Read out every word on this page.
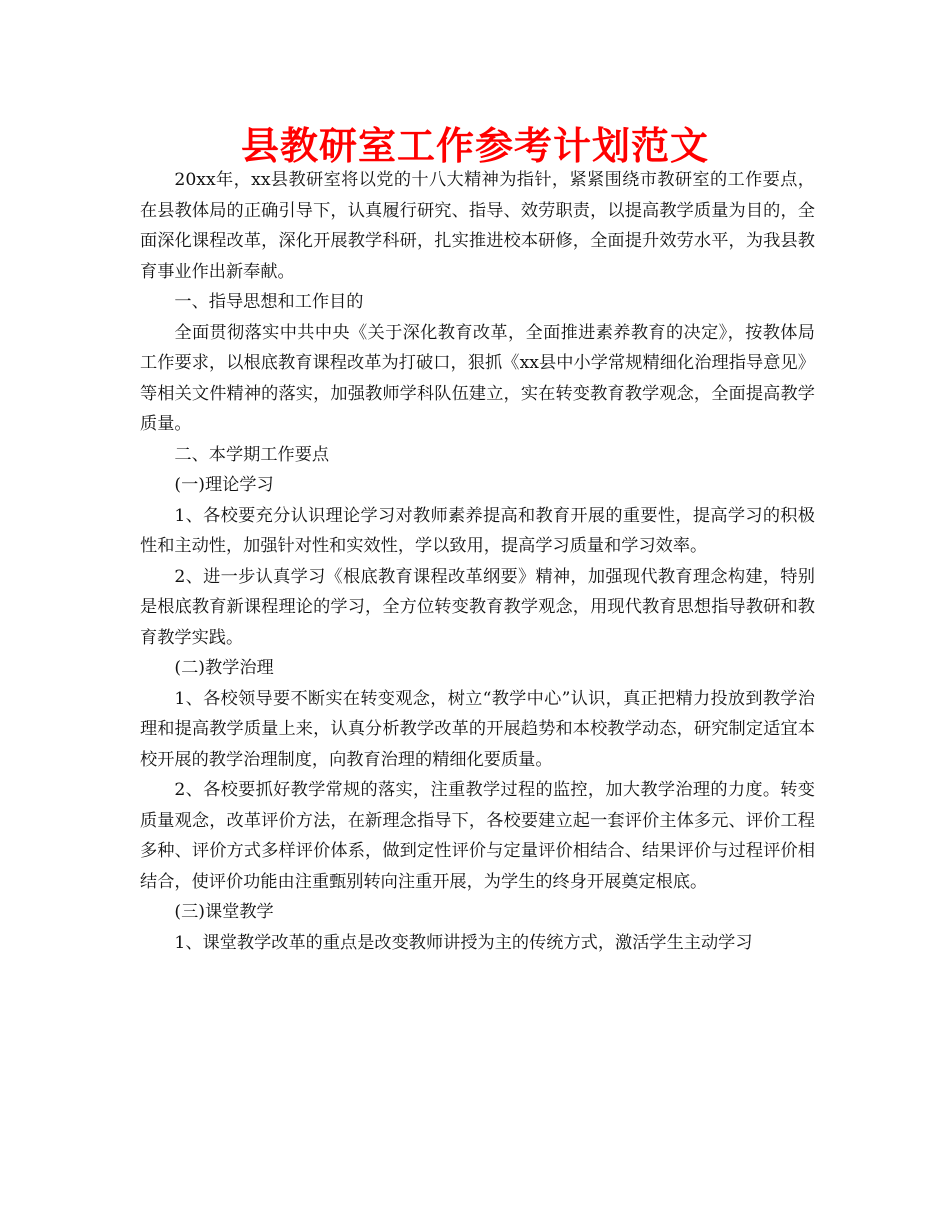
县教研室工作参考计划范文

20xx年，xx县教研室将以党的十八大精神为指针，紧紧围绕市教研室的工作要点，在县教体局的正确引导下，认真履行研究、指导、效劳职责，以提高教学质量为目的，全面深化课程改革，深化开展教学科研，扎实推进校本研修，全面提升效劳水平，为我县教育事业作出新奉献。

一、指导思想和工作目的

全面贯彻落实中共中央《关于深化教育改革，全面推进素养教育的决定》，按教体局工作要求，以根底教育课程改革为打破口，狠抓《xx县中小学常规精细化治理指导意见》等相关文件精神的落实，加强教师学科队伍建立，实在转变教育教学观念，全面提高教学质量。

二、本学期工作要点

(一)理论学习

1、各校要充分认识理论学习对教师素养提高和教育开展的重要性，提高学习的积极性和主动性，加强针对性和实效性，学以致用，提高学习质量和学习效率。

2、进一步认真学习《根底教育课程改革纲要》精神，加强现代教育理念构建，特别是根底教育新课程理论的学习，全方位转变教育教学观念，用现代教育思想指导教研和教育教学实践。

(二)教学治理

1、各校领导要不断实在转变观念，树立“教学中心”认识，真正把精力投放到教学治理和提高教学质量上来，认真分析教学改革的开展趋势和本校教学动态，研究制定适宜本校开展的教学治理制度，向教育治理的精细化要质量。

2、各校要抓好教学常规的落实，注重教学过程的监控，加大教学治理的力度。转变质量观念，改革评价方法，在新理念指导下，各校要建立起一套评价主体多元、评价工程多种、评价方式多样评价体系，做到定性评价与定量评价相结合、结果评价与过程评价相结合，使评价功能由注重甄别转向注重开展，为学生的终身开展奠定根底。

(三)课堂教学

1、课堂教学改革的重点是改变教师讲授为主的传统方式，激活学生主动学习
